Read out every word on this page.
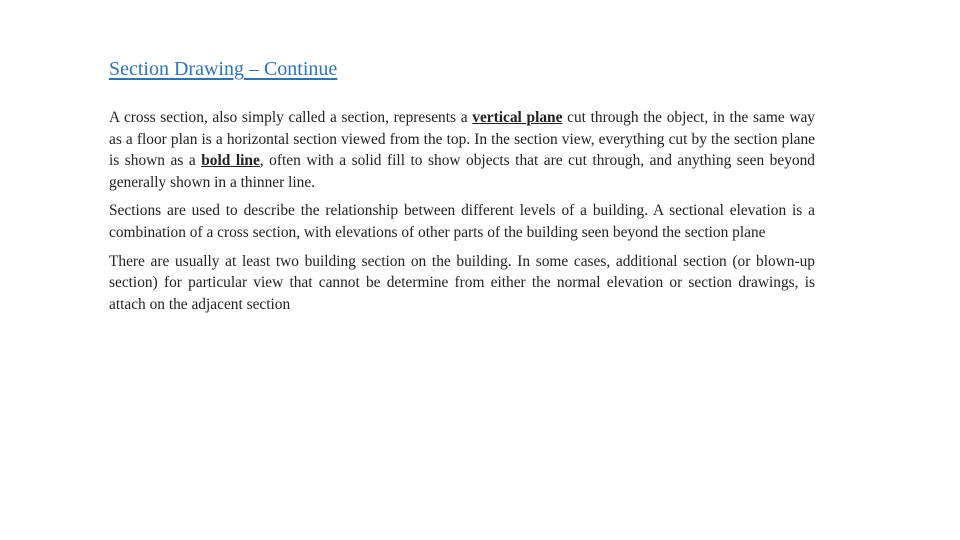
Section Drawing – Continue

A cross section, also simply called a section, represents a vertical plane cut through the object, in the same way as a floor plan is a horizontal section viewed from the top. In the section view, everything cut by the section plane is shown as a bold line, often with a solid fill to show objects that are cut through, and anything seen beyond generally shown in a thinner line.

Sections are used to describe the relationship between different levels of a building. A sectional elevation is a combination of a cross section, with elevations of other parts of the building seen beyond the section plane

There are usually at least two building section on the building. In some cases, additional section (or blown-up section) for particular view that cannot be determine from either the normal elevation or section drawings, is attach on the adjacent section
